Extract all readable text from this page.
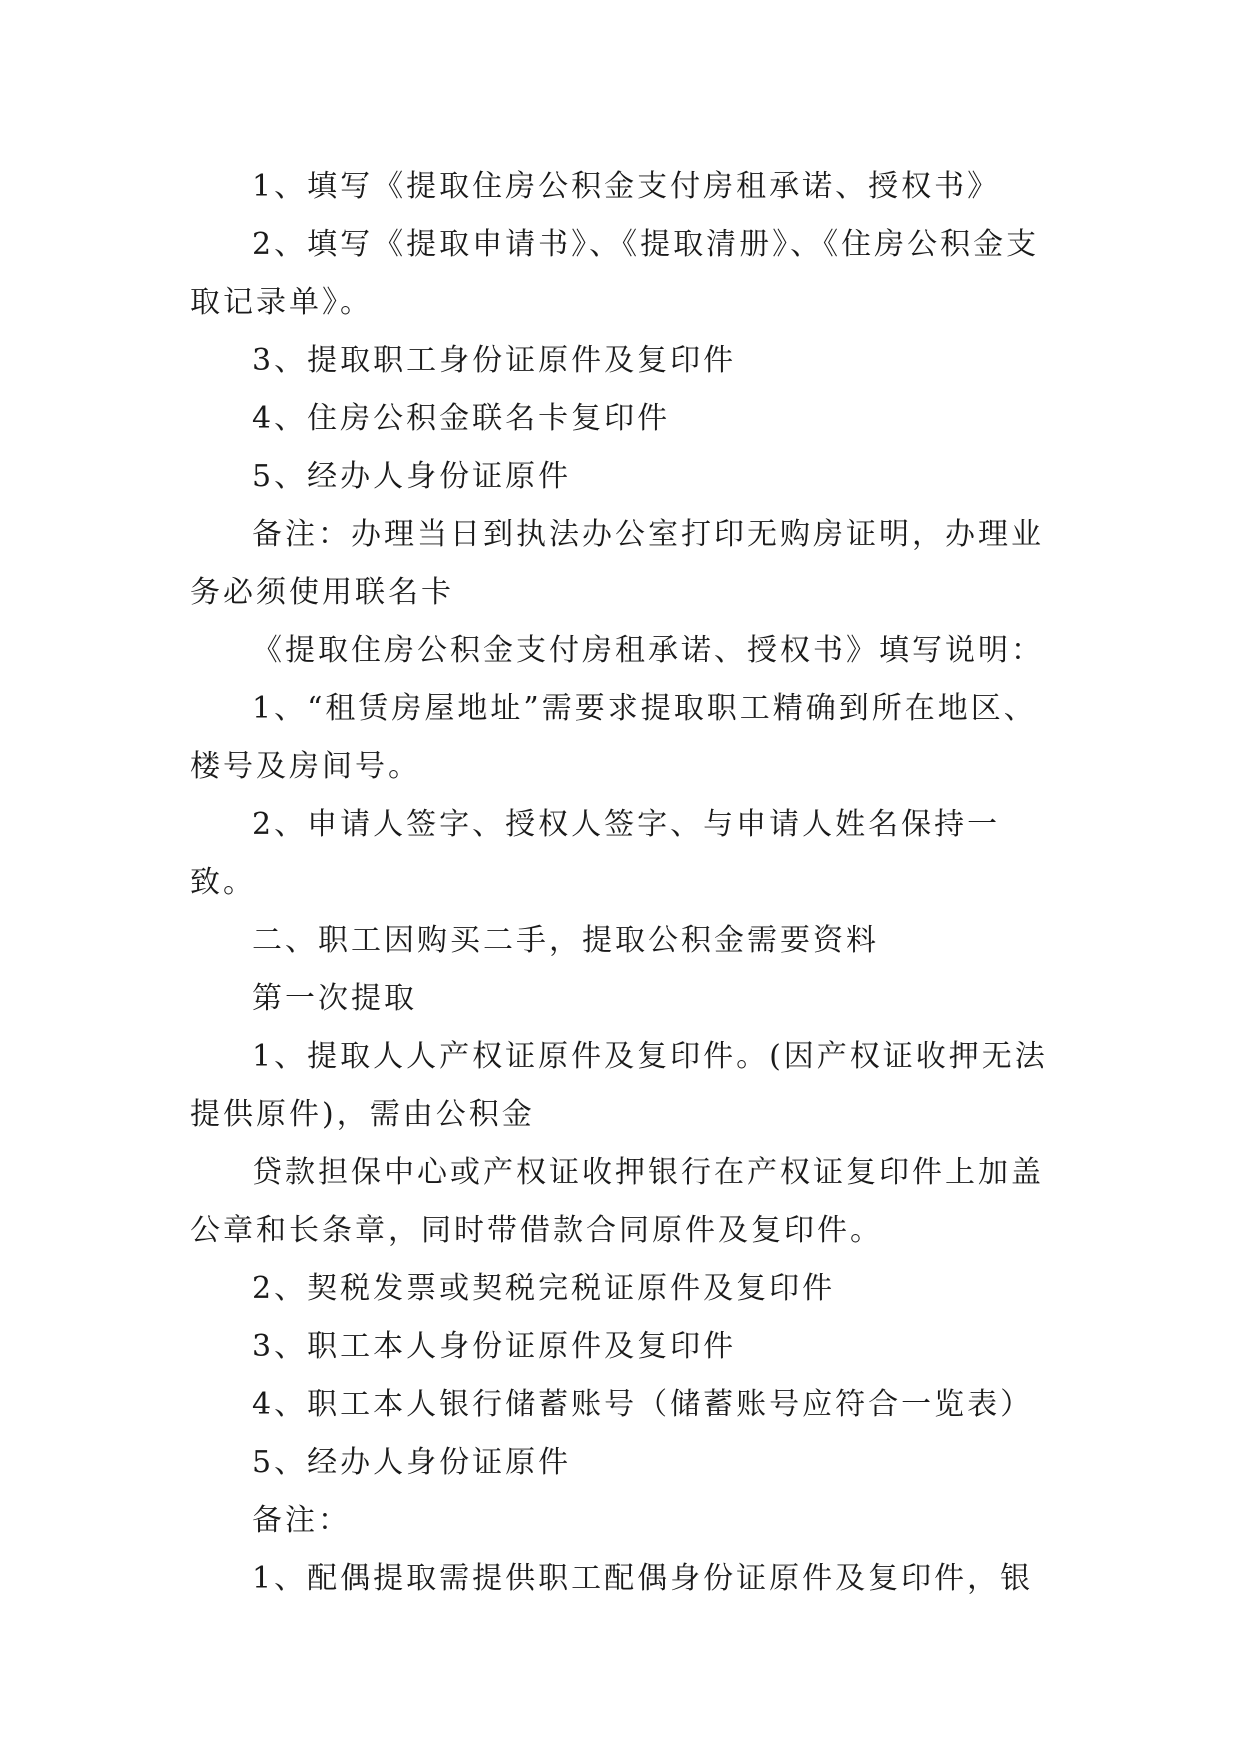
1、填写《提取住房公积金支付房租承诺、授权书》

2、填写《提取申请书》、《提取清册》、《住房公积金支取记录单》。

3、提取职工身份证原件及复印件

4、住房公积金联名卡复印件

5、经办人身份证原件

备注：办理当日到执法办公室打印无购房证明，办理业务必须使用联名卡

《提取住房公积金支付房租承诺、授权书》填写说明：

1、“租赁房屋地址”需要求提取职工精确到所在地区、楼号及房间号。

2、申请人签字、授权人签字、与申请人姓名保持一致。

二、职工因购买二手，提取公积金需要资料

第一次提取

1、提取人人产权证原件及复印件。(因产权证收押无法提供原件)，需由公积金

贷款担保中心或产权证收押银行在产权证复印件上加盖公章和长条章，同时带借款合同原件及复印件。

2、契税发票或契税完税证原件及复印件

3、职工本人身份证原件及复印件

4、职工本人银行储蓄账号（储蓄账号应符合一览表）

5、经办人身份证原件

备注：

1、配偶提取需提供职工配偶身份证原件及复印件，银
